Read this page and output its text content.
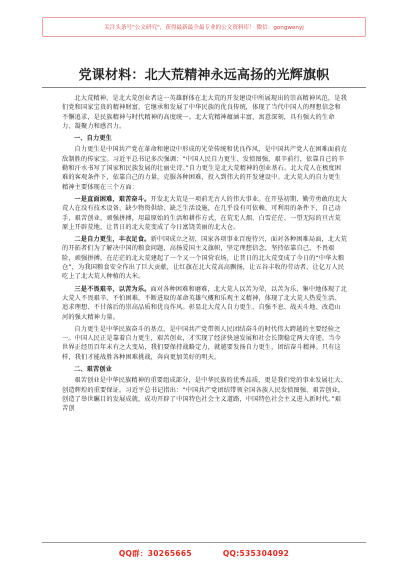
关注头条号"公文研究"，获得最新最全最专业的公文资料库！ 微信：gongwenyj
党课材料：北大荒精神永远高扬的光辉旗帜

北大荒精神，是北大荒创业者这一英雄群体在北大荒的开发建设中所展现出的崇高精神风范，是我们党和国家宝贵的精神财富，它继承和发展了中华民族的优良传统，体现了当代中国人的理想信念和不懈追求，是民族精神与时代精神的高度统一。北大荒精神蕴涵丰富，寓意深刻，具有强大的生命力、凝聚力和感召力。

一、自力更生

自力更生是中国共产党在革命和建设中形成的光荣传统和优良作风，是中国共产党人在困难面前克敌制胜的传家宝。习近平总书记多次强调：“中国人民自力更生、发愤图强，艰辛前行，依靠自己的辛勤和汗水书写了国家和民族发展的壮丽史诗。”自力更生是北大荒精神的创业基石。北大荒人在极度困难的客观条件下，依靠自己的力量，克服各种困难，投入到伟大的开发建设中。北大荒人的自力更生精神主要体现在三个方面：

一是直面困难，艰苦奋斗。开发北大荒是一项前无古人的伟大事业。在开垦初期，勤劳勇敢的北大荒人在没有技术设备、缺少物资供给、缺乏生活设施，在几乎没有可依赖、可利用的条件下，自己动手，艰苦创业，顽强拼搏，用最原始的生活和耕作方式，在荒无人烟、白雪茫茫、一望无际的亘古荒原上开辟荒地，让昔日的北大荒变成了今日富饶美丽的北大仓。

二是自力更生，丰衣足食。新中国成立之初，国家各项事业百废待兴，面对各种困难局面，北大荒的开拓者们为了解决中国的粮食问题，高扬爱国主义旗帜，坚定理想信念，坚持依靠自己，不畏艰险，顽强拼搏，在茫茫的北大荒建起了一个又一个国营农场，让昔日的北大荒变成了今日的“中华大粮仓”，为我国粮食安全作出了巨大贡献，让红旗在北大荒高高飘扬，让五谷丰收的劳动者，让亿万人民吃上了北大荒人种植的大米。

三是不畏艰辛，以苦为乐。面对各种困难和磨难，北大荒人以苦为荣，以苦为乐，集中地体现了北大荒人不畏艰辛、不怕困难，不断进取的革命英雄气概和乐观主义精神，体现了北大荒人热爱生活、追求理想、不甘落后的崇高品质和优良作风。彰显北大荒人自力更生、自强不息、战天斗地、改造山河的强大精神力量。

自力更生是中华民族奋斗的基点，是中国共产党带领人民团结奋斗的时代伟大跨越的主要经验之一。中国人民正是靠着自力更生，艰苦创业，才实现了经济快速发展和社会长期稳定两大奇迹。当今世界正经历百年未有之大变局，我们要保持战略定力，就越要发扬自力更生，团结奋斗精神。只有这样，我们才能战胜各种困难挑战，奔向更加美好的明天。

二、艰苦创业

艰苦创业是中华民族精神的重要组成部分，是中华民族的优秀品质，更是我们党的事业发展壮大、创造辉煌的重要保证。习近平总书记指出：“中国共产党团结带领全国各族人民发愤图强、艰苦创业，创造了举世瞩目的发展成就，成功开辟了中国特色社会主义道路，中国特色社会主义进入新时代。”艰苦创

QQ群：30265665	QQ:535304092
